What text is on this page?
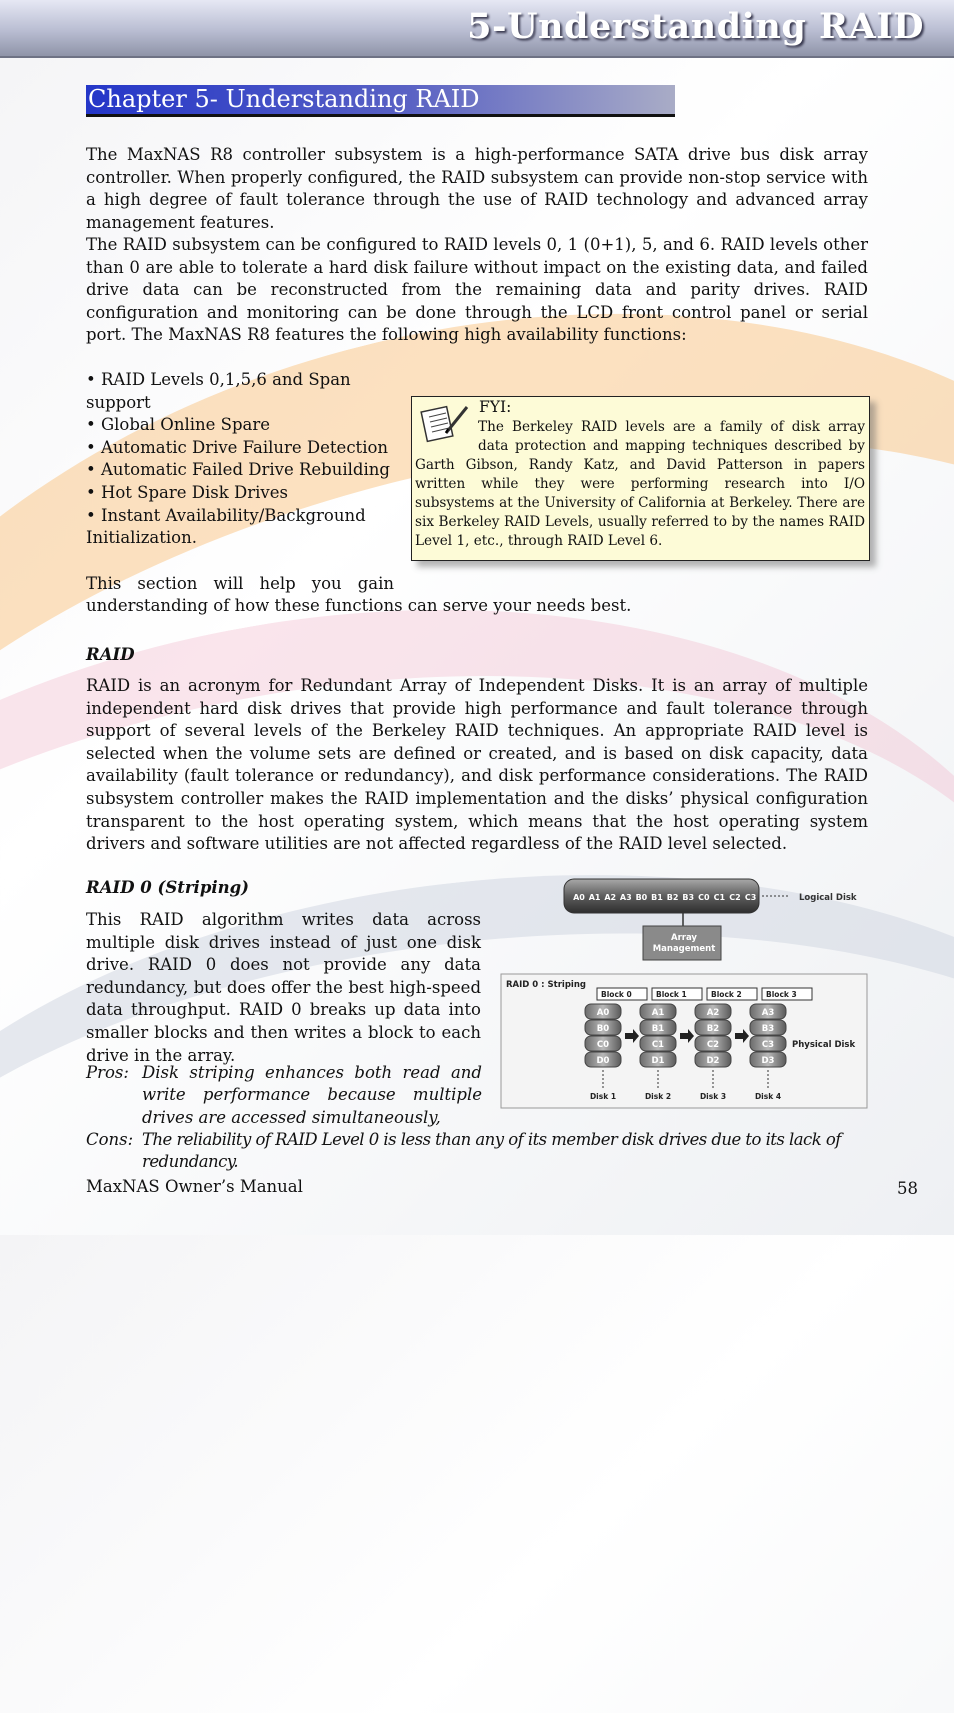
5-Understanding RAID
Chapter 5- Understanding RAID

The MaxNAS R8 controller subsystem is a high-performance SATA drive bus disk array controller. When properly configured, the RAID subsystem can provide non-stop service with a high degree of fault tolerance through the use of RAID technology and advanced array management features.

The RAID subsystem can be configured to RAID levels 0, 1 (0+1), 5, and 6. RAID levels other than 0 are able to tolerate a hard disk failure without impact on the existing data, and failed drive data can be reconstructed from the remaining data and parity drives. RAID configuration and monitoring can be done through the LCD front control panel or serial port. The MaxNAS R8 features the following high availability functions:

• RAID Levels 0,1,5,6 and Span
support
• Global Online Spare
• Automatic Drive Failure Detection
• Automatic Failed Drive Rebuilding
• Hot Spare Disk Drives
• Instant Availability/Background
Initialization.
FYI:

The Berkeley RAID levels are a family of disk array data protection and mapping techniques described by Garth Gibson, Randy Katz, and David Patterson in papers written while they were performing research into I/O subsystems at the University of California at Berkeley. There are six Berkeley RAID Levels, usually referred to by the names RAID Level 1, etc., through RAID Level 6.

This section will help you gain

understanding of how these functions can serve your needs best.

RAID

RAID is an acronym for Redundant Array of Independent Disks. It is an array of multiple independent hard disk drives that provide high performance and fault tolerance through support of several levels of the Berkeley RAID techniques. An appropriate RAID level is selected when the volume sets are defined or created, and is based on disk capacity, data availability (fault tolerance or redundancy), and disk performance considerations. The RAID subsystem controller makes the RAID implementation and the disks’ physical configuration transparent to the host operating system, which means that the host operating system drivers and software utilities are not affected regardless of the RAID level selected.

RAID 0 (Striping)

This RAID algorithm writes data across multiple disk drives instead of just one disk drive. RAID 0 does not provide any data redundancy, but does offer the best high-speed data throughput. RAID 0 breaks up data into smaller blocks and then writes a block to each drive in the array.

A0 A1 A2 A3 B0 B1 B2 B3 C0 C1 C2 C3	Logical Disk
Array
Management
RAID 0 : Striping
Block 0
A0
B0
C0
D0
Disk 1
Block 1
A1
B1
C1
D1
Disk 2
Block 2
A2
B2
C2
D2
Disk 3
Block 3
A3
B3
C3
D3
Disk 4
Physical Disk
Pros: Disk striping enhances both read and write performance because multiple drives are accessed simultaneously,
Cons: The reliability of RAID Level 0 is less than any of its member disk drives due to its lack of redundancy.
MaxNAS Owner’s Manual	58
